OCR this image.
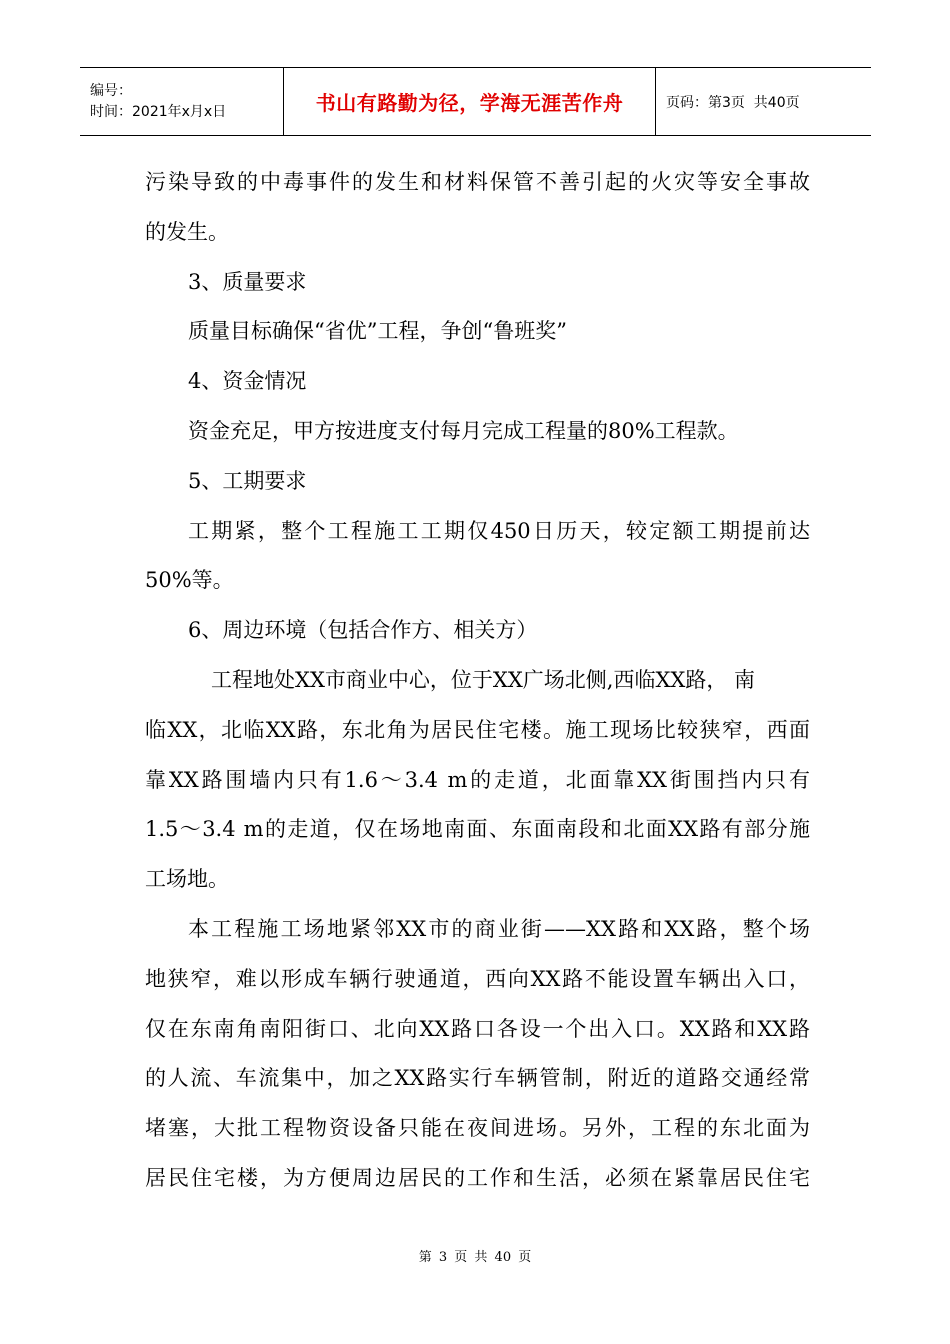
编号：
时间：2021年x月x日	书山有路勤为径，学海无涯苦作舟	页码：第3页  共40页
污染导致的中毒事件的发生和材料保管不善引起的火灾等安全事故
的发生。
3、质量要求
质量目标确保“省优”工程，争创“鲁班奖”
4、资金情况
资金充足，甲方按进度支付每月完成工程量的80%工程款。
5、工期要求
工期紧，整个工程施工工期仅450日历天，较定额工期提前达
50%等。
6、周边环境（包括合作方、相关方）
工程地处XX市商业中心，位于XX广场北侧,西临XX路， 南
临XX，北临XX路，东北角为居民住宅楼。施工现场比较狭窄，西面
靠XX路围墙内只有1.6～3.4 m的走道，北面靠XX街围挡内只有
1.5～3.4 m的走道，仅在场地南面、东面南段和北面XX路有部分施
工场地。
本工程施工场地紧邻XX市的商业街——XX路和XX路，整个场
地狭窄，难以形成车辆行驶通道，西向XX路不能设置车辆出入口，
仅在东南角南阳街口、北向XX路口各设一个出入口。XX路和XX路
的人流、车流集中，加之XX路实行车辆管制，附近的道路交通经常
堵塞，大批工程物资设备只能在夜间进场。另外，工程的东北面为
居民住宅楼，为方便周边居民的工作和生活，必须在紧靠居民住宅
第 3 页 共 40 页
